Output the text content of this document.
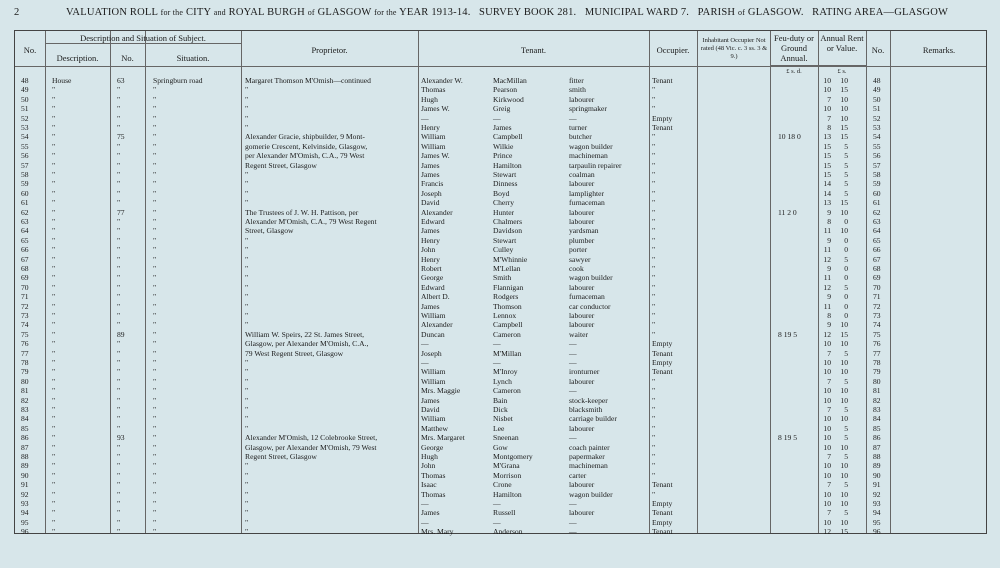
2	VALUATION ROLL for the CITY and ROYAL BURGH of GLASGOW for the YEAR 1913-14. SURVEY BOOK 281. MUNICIPAL WARD 7. PARISH of GLASGOW. RATING AREA—GLASGOW
No.
Description and Situation of Subject.
Description.	No.	Situation.
Proprietor.	Tenant.	Occupier.
Inhabitant Occupier Not rated (48 Vic. c. 3 ss. 3 & 9.)
Feu-duty or Ground Annual.
Annual Rent or Value.	No.	Remarks.
£ s. d.	£ s.
48	House	63	Springburn road	Margaret Thomson M'Omish—continued	Alexander W.	MacMillan	fitter	Tenant	10	10	48
49	"	"	"	"	Thomas	Pearson	smith	"	10	15	49
50	"	"	"	"	Hugh	Kirkwood	labourer	"	7	10	50
51	"	"	"	"	James W.	Greig	springmaker	"	10	10	51
52	"	"	"	"	—	—	—	Empty	7	10	52
53	"	"	"	"	Henry	James	turner	Tenant	8	15	53
54	"	75	"	Alexander Gracie, shipbuilder, 9 Mont-	William	Campbell	butcher	"	10 18 0	13	15	54
55	"	"	"	gomerie Crescent, Kelvinside, Glasgow,	William	Wilkie	wagon builder	"	15	5	55
56	"	"	"	per Alexander M'Omish, C.A., 79 West	James W.	Prince	machineman	"	15	5	56
57	"	"	"	Regent Street, Glasgow	James	Hamilton	tarpaulin repairer	"	15	5	57
58	"	"	"	"	James	Stewart	coalman	"	15	5	58
59	"	"	"	"	Francis	Dinness	labourer	"	14	5	59
60	"	"	"	"	Joseph	Boyd	lamplighter	"	14	5	60
61	"	"	"	"	David	Cherry	furnaceman	"	13	15	61
62	"	77	"	The Trustees of J. W. H. Pattison, per	Alexander	Hunter	labourer	"	11 2 0	9	10	62
63	"	"	"	Alexander M'Omish, C.A., 79 West Regent	Edward	Chalmers	labourer	"	8	0	63
64	"	"	"	Street, Glasgow	James	Davidson	yardsman	"	11	10	64
65	"	"	"	"	Henry	Stewart	plumber	"	9	0	65
66	"	"	"	"	John	Culley	porter	"	11	0	66
67	"	"	"	"	Henry	M'Whinnie	sawyer	"	12	5	67
68	"	"	"	"	Robert	M'Lellan	cook	"	9	0	68
69	"	"	"	"	George	Smith	wagon builder	"	11	0	69
70	"	"	"	"	Edward	Flannigan	labourer	"	12	5	70
71	"	"	"	"	Albert D.	Rodgers	furnaceman	"	9	0	71
72	"	"	"	"	James	Thomson	car conductor	"	11	0	72
73	"	"	"	"	William	Lennox	labourer	"	8	0	73
74	"	"	"	"	Alexander	Campbell	labourer	"	9	10	74
75	"	89	"	William W. Speirs, 22 St. James Street,	Duncan	Cameron	waiter	"	8 19 5	12	15	75
76	"	"	"	Glasgow, per Alexander M'Omish, C.A.,	—	—	—	Empty	10	10	76
77	"	"	"	79 West Regent Street, Glasgow	Joseph	M'Millan	—	Tenant	7	5	77
78	"	"	"	"	—	—	—	Empty	10	10	78
79	"	"	"	"	William	M'Inroy	ironturner	Tenant	10	10	79
80	"	"	"	"	William	Lynch	labourer	"	7	5	80
81	"	"	"	"	Mrs. Maggie	Cameron	—	"	10	10	81
82	"	"	"	"	James	Bain	stock-keeper	"	10	10	82
83	"	"	"	"	David	Dick	blacksmith	"	7	5	83
84	"	"	"	"	William	Nisbet	carriage builder	"	10	10	84
85	"	"	"	"	Matthew	Lee	labourer	"	10	5	85
86	"	93	"	Alexander M'Omish, 12 Colebrooke Street,	Mrs. Margaret	Sneenan	—	"	8 19 5	10	5	86
87	"	"	"	Glasgow, per Alexander M'Omish, 79 West	George	Gow	coach painter	"	10	10	87
88	"	"	"	Regent Street, Glasgow	Hugh	Montgomery	papermaker	"	7	5	88
89	"	"	"	"	John	M'Grana	machineman	"	10	10	89
90	"	"	"	"	Thomas	Morrison	carter	"	10	10	90
91	"	"	"	"	Isaac	Crone	labourer	Tenant	7	5	91
92	"	"	"	"	Thomas	Hamilton	wagon builder	"	10	10	92
93	"	"	"	"	—	—	—	Empty	10	10	93
94	"	"	"	"	James	Russell	labourer	Tenant	7	5	94
95	"	"	"	"	—	—	—	Empty	10	10	95
96	"	"	"	"	Mrs. Mary	Anderson	—	Tenant	12	15	96
